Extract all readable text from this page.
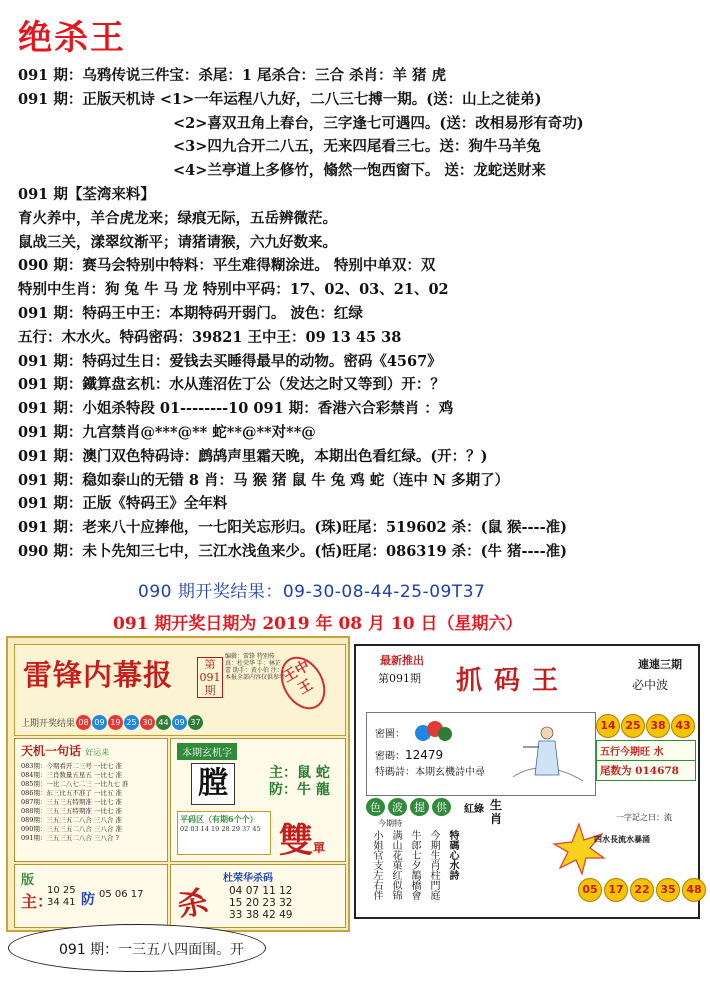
绝杀王
091 期：乌鸦传说三件宝：杀尾：1 尾杀合：三合 杀肖：羊 猪 虎
091 期：正版天机诗 <1>一年运程八九好，二八三七搏一期。(送：山上之徒弟)
<2>喜双丑角上春台，三字逢七可遇四。(送：改相易形有奇功)
<3>四九合开二八五，无来四尾看三七。送：狗牛马羊兔
<4>兰亭道上多修竹，翛然一饱西窗下。 送：龙蛇送财来
091 期【荃湾来料】
育火养中，羊合虎龙来；绿痕无际，五岳辨微茫。
鼠战三关，漾翠纹渐平；请猪请猴，六九好数来。
090 期：赛马会特别中特料：平生难得糊涂进。 特别中单双：双
特别中生肖：狗 兔 牛 马 龙 特别中平码：17、02、03、21、02
091 期：特码王中王：本期特码开弱门。 波色：红绿
五行：木水火。特码密码：39821 王中王：09 13 45 38
091 期：特码过生日：爱钱去买睡得最早的动物。密码《4567》
091 期：鐵算盘玄机：水从莲沼佐丁公（发达之时又等到）开：？
091 期：小姐杀特段 01--------10 091 期：香港六合彩禁肖 ：鸡
091 期：九宫禁肖@***@** 蛇**@**对**@
091 期：澳门双色特码诗：鹧鸪声里霜天晚，本期出色看红绿。(开：？)
091 期：稳如泰山的无错 8 肖：马 猴 猪 鼠 牛 兔 鸡 蛇（连中 N 多期了）
091 期：正版《特码王》全年料
091 期：老来八十应捧他，一七阳关忘形归。(珠)旺尾：519602 杀：(鼠 猴----准)
090 期：未卜先知三七中，三江水浅鱼来少。(恬)旺尾：086319 杀：(牛 猪----准)
090 期开奖结果：09-30-08-44-25-09T37
091 期开奖日期为 2019 年 08 月 10 日（星期六）
雷锋内幕报	第091期
编辑：雷锋 特别传真：杜荣华 手：林芷蕾 助手：黄小伯 注：本报全部内容仅供参考
王中王
上期开奖结果 08 09 19 25 30 44 09 37
天机一句话 好运来
083期：今期看开二三号 一比七 准
084期：三肖数量五星五 一比七 准
085期：一比二八七二三 一比九七 准
086期：东三比五不准了 一比五 准
087期：三五三五特期准 一比七 准
088期：三五三五特期准 一比七 准
089期：三五三五二八合 三八合 准
090期：三五三五二八合 三八合 准
091期：三五三五二八合 三八合 ?
本期玄机字
膛	主：鼠 蛇
防：牛 龍
平码区（有期6个个）
02 03 14 19 28 29 37 45 雙單
版
主：
10 25 34 41 防 05 06 17
杜荣华杀码
杀 04 07 11 12
15 20 23 32
33 38 42 49
最新推出
第091期 抓码王
連連三期
必中波
密圖：
密碼：12479
特碼詩：本期玄機詩中尋
14 25 38 43
五行今期旺 水
尾数为 014678
色	波	提	供	紅綠 生肖
今期特
小姐官支左右伴 满山花菓红似锦 牛郎七夕鵲橋會 今期生肖柱門庭 特碼心水詩
一字記之曰：流
四水長流水暴涌
05 17 22 35 48
091 期：一三五八四面围。开
